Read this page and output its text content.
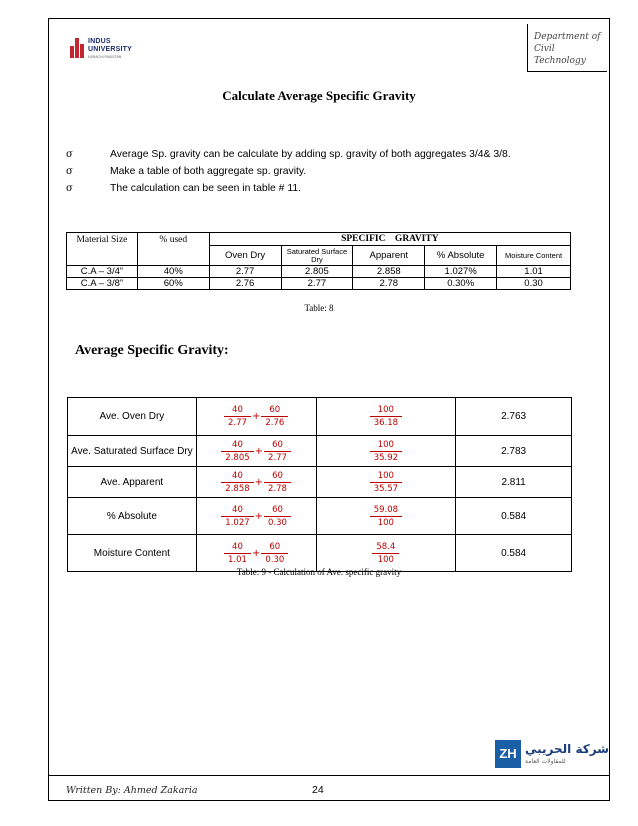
INDUS
UNIVERSITY
KARACHI PAKISTAN
Department of Civil Technology
Calculate Average Specific Gravity
σ	Average Sp. gravity can be calculate by adding sp. gravity of both aggregates 3/4& 3/8.
σ	Make a table of both aggregate sp. gravity.
σ	The calculation can be seen in table # 11.
Material Size	% used	SPECIFIC    GRAVITY				
		Oven Dry	Saturated Surface Dry	Apparent	% Absolute	Moisture Content
C.A – 3/4”	40%	2.77	2.805	2.858	1.027%	1.01
C.A – 3/8”	60%	2.76	2.77	2.78	0.30%	0.30
Table: 8
Average Specific Gravity:
Ave. Oven Dry	$\frac{40}{2.77} + \frac{60}{2.76}$	$\frac{100}{36.18}$	2.763
Ave. Saturated Surface Dry	$\frac{40}{2.805} + \frac{60}{2.77}$	$\frac{100}{35.92}$	2.783
Ave. Apparent	$\frac{40}{2.858} + \frac{60}{2.78}$	$\frac{100}{35.57}$	2.811
% Absolute	$\frac{40}{1.027} + \frac{60}{0.30}$	$\frac{59.08}{100}$	0.584
Moisture Content	$\frac{40}{1.01} + \frac{60}{0.30}$	$\frac{58.4}{100}$	0.584
Table: 9 - Calculation of Ave. specific gravity
Written By: Ahmed Zakaria	24
ZH شركة الحريبي
للمقاولات العامة
